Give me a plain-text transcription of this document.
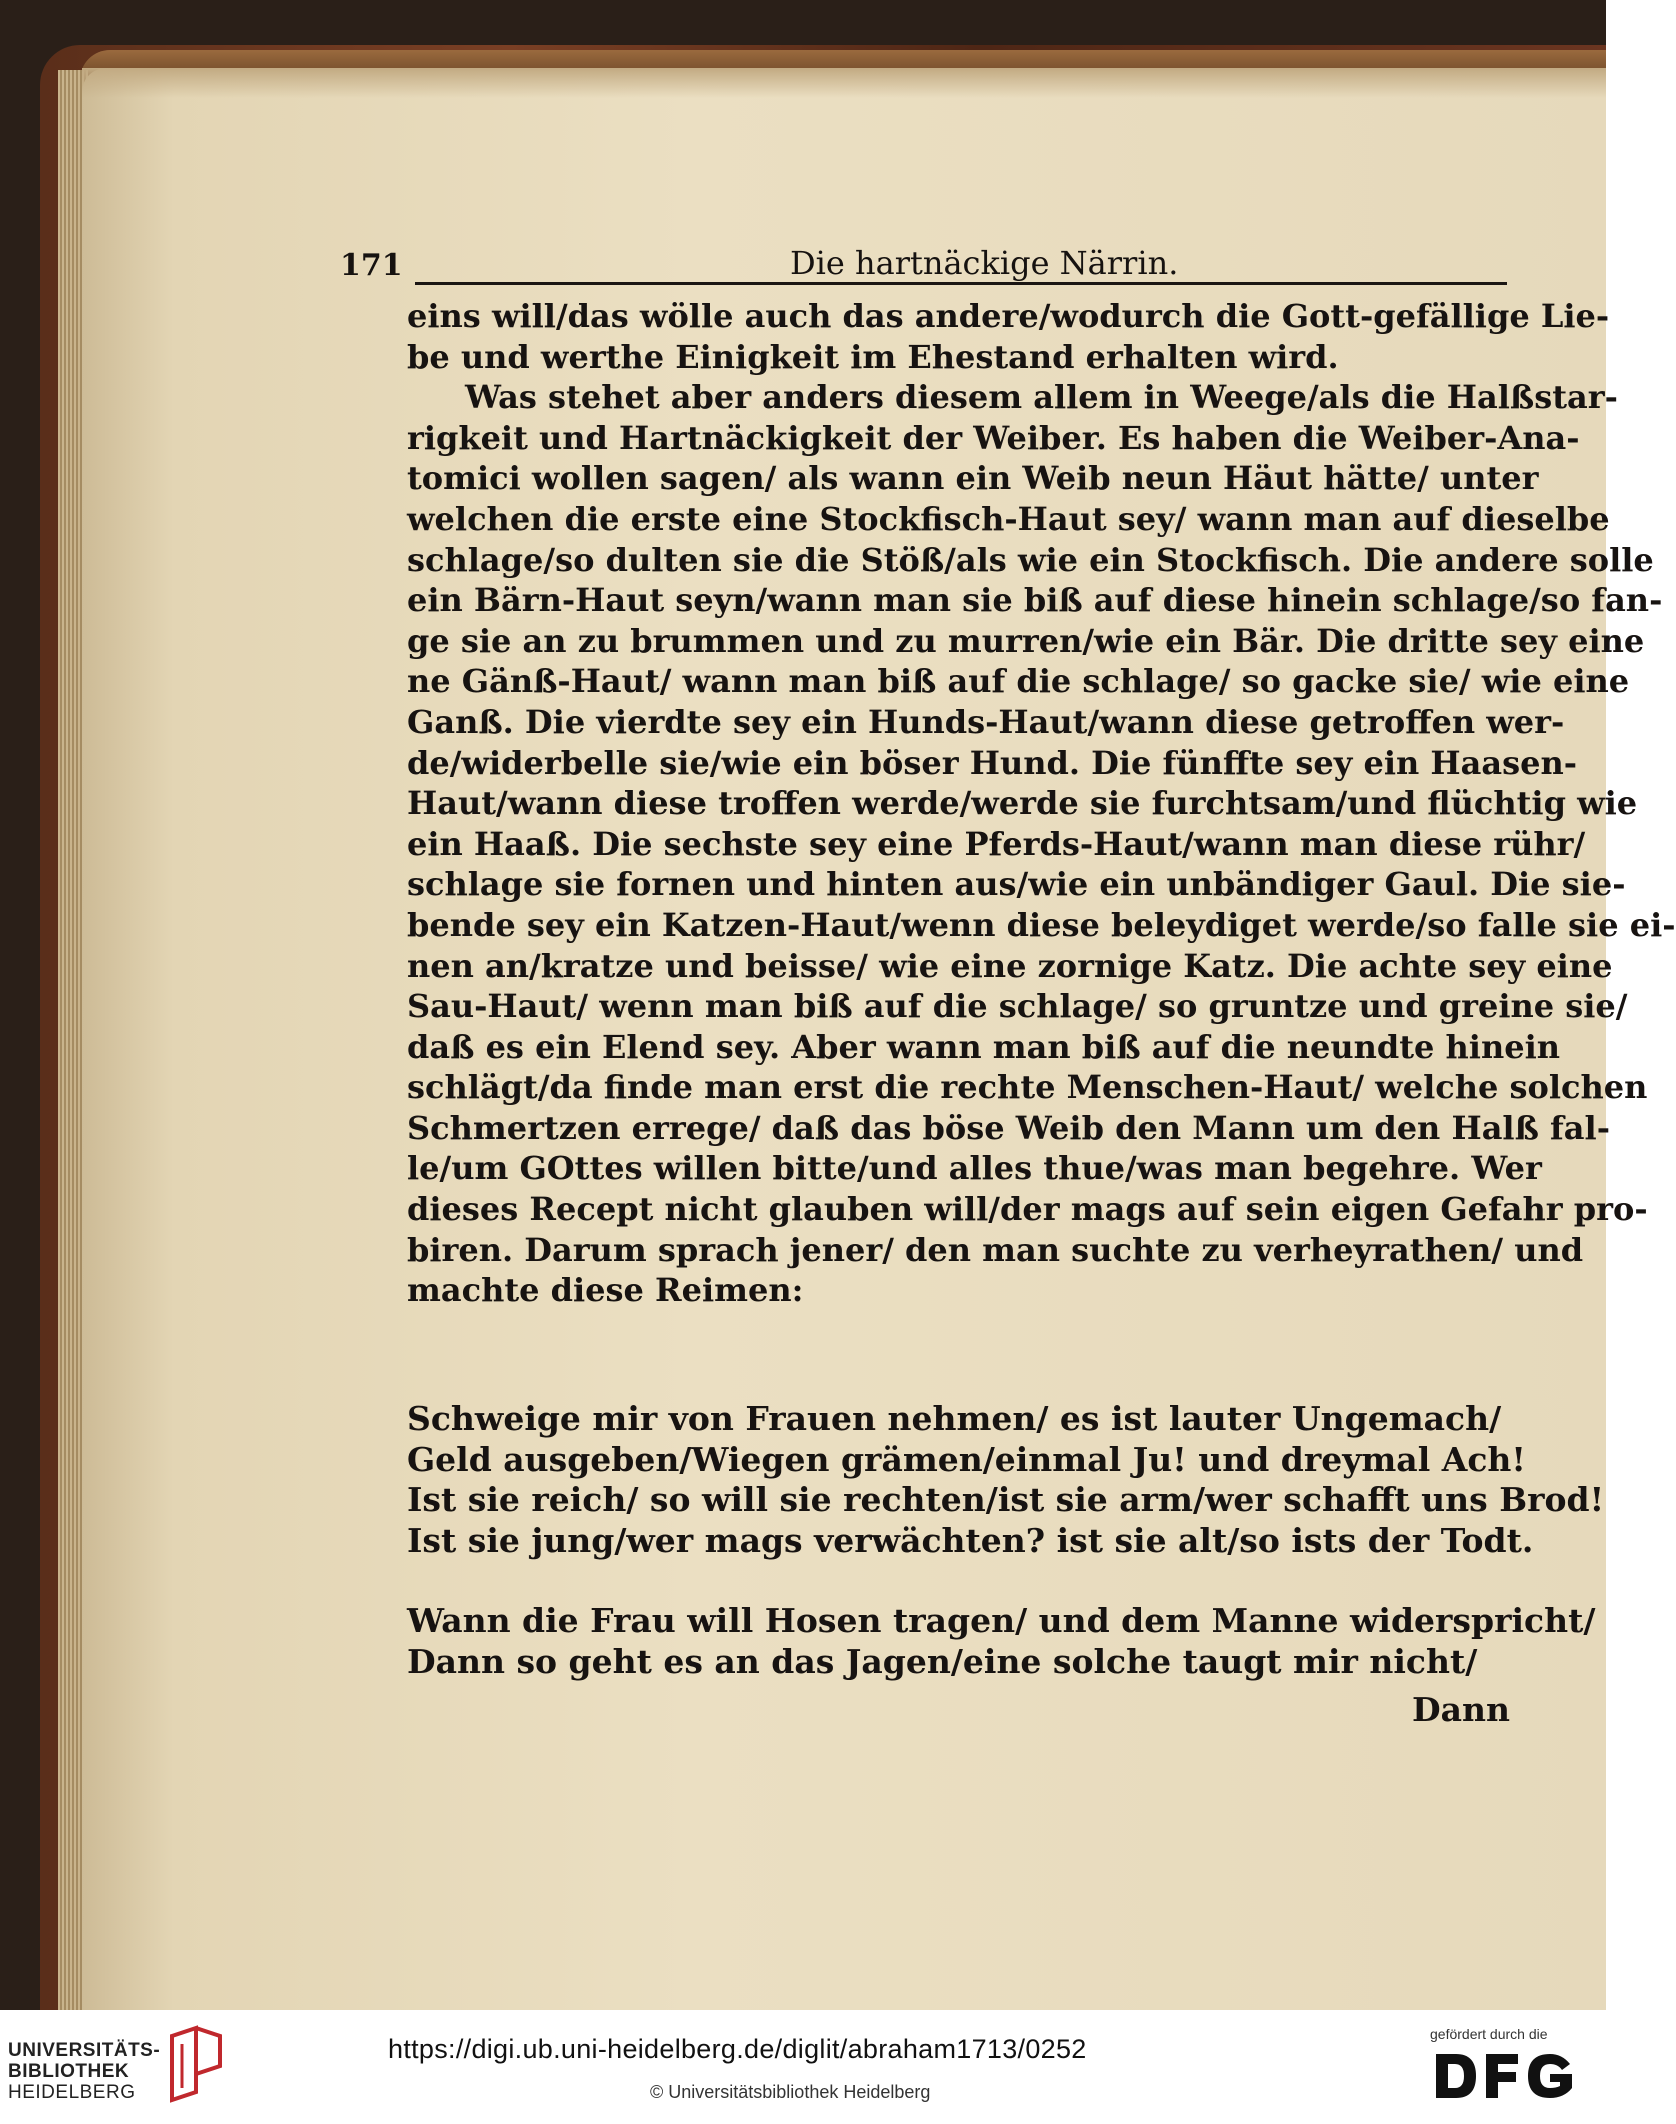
171	Die hartnäckige Närrin.
eins will/das wölle auch das andere/wodurch die Gott-gefällige Lie-
be und werthe Einigkeit im Ehestand erhalten wird.
Was stehet aber anders diesem allem in Weege/als die Halßstar-
rigkeit und Hartnäckigkeit der Weiber. Es haben die Weiber-Ana-
tomici wollen sagen/ als wann ein Weib neun Häut hätte/ unter
welchen die erste eine Stockfisch-Haut sey/ wann man auf dieselbe
schlage/so dulten sie die Stöß/als wie ein Stockfisch. Die andere solle
ein Bärn-Haut seyn/wann man sie biß auf diese hinein schlage/so fan-
ge sie an zu brummen und zu murren/wie ein Bär. Die dritte sey eine
ne Gänß-Haut/ wann man biß auf die schlage/ so gacke sie/ wie eine
Ganß. Die vierdte sey ein Hunds-Haut/wann diese getroffen wer-
de/widerbelle sie/wie ein böser Hund. Die fünffte sey ein Haasen-
Haut/wann diese troffen werde/werde sie furchtsam/und flüchtig wie
ein Haaß. Die sechste sey eine Pferds-Haut/wann man diese rühr/
schlage sie fornen und hinten aus/wie ein unbändiger Gaul. Die sie-
bende sey ein Katzen-Haut/wenn diese beleydiget werde/so falle sie ei-
nen an/kratze und beisse/ wie eine zornige Katz. Die achte sey eine
Sau-Haut/ wenn man biß auf die schlage/ so gruntze und greine sie/
daß es ein Elend sey. Aber wann man biß auf die neundte hinein
schlägt/da finde man erst die rechte Menschen-Haut/ welche solchen
Schmertzen errege/ daß das böse Weib den Mann um den Halß fal-
le/um GOttes willen bitte/und alles thue/was man begehre. Wer
dieses Recept nicht glauben will/der mags auf sein eigen Gefahr pro-
biren. Darum sprach jener/ den man suchte zu verheyrathen/ und
machte diese Reimen:
Schweige mir von Frauen nehmen/ es ist lauter Ungemach/
Geld ausgeben/Wiegen grämen/einmal Ju! und dreymal Ach!
Ist sie reich/ so will sie rechten/ist sie arm/wer schafft uns Brod!
Ist sie jung/wer mags verwächten? ist sie alt/so ists der Todt.
Wann die Frau will Hosen tragen/ und dem Manne widerspricht/
Dann so geht es an das Jagen/eine solche taugt mir nicht/
Dann
UNIVERSITÄTS-
BIBLIOTHEK
HEIDELBERG
https://digi.ub.uni-heidelberg.de/diglit/abraham1713/0252
© Universitätsbibliothek Heidelberg
gefördert durch die
